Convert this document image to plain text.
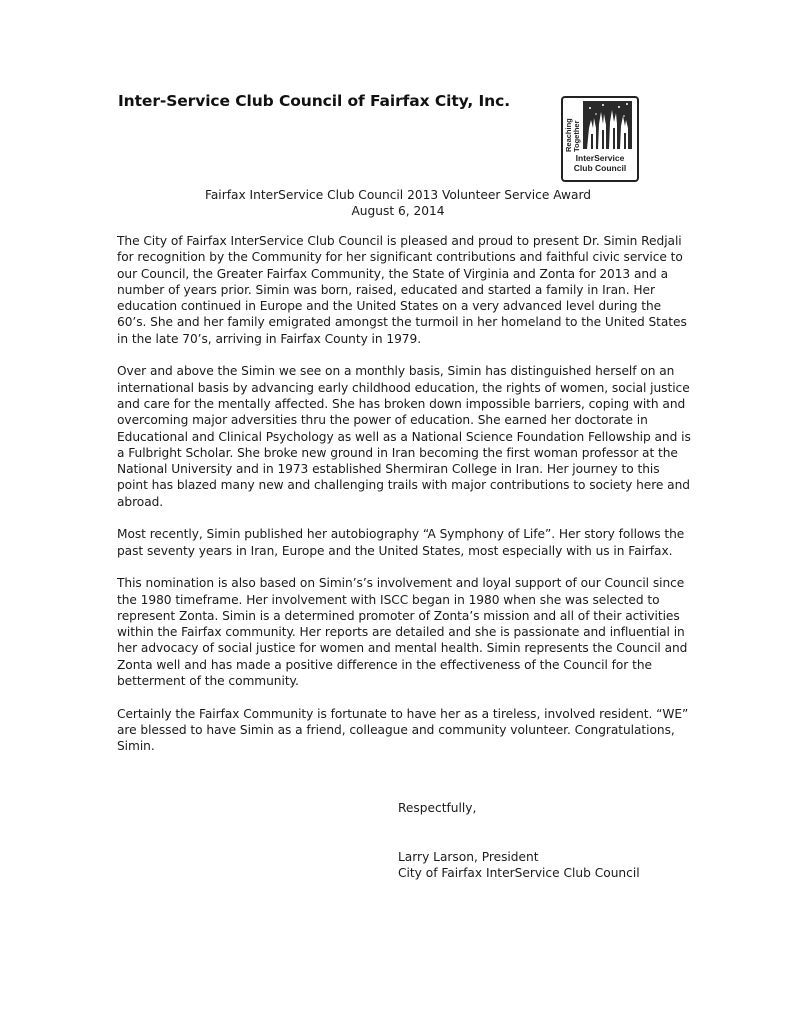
Inter-Service Club Council of Fairfax City, Inc.
Reaching Together
InterService
Club Council
Fairfax InterService Club Council 2013 Volunteer Service Award
August 6, 2014

The City of Fairfax InterService Club Council is pleased and proud to present Dr. Simin Redjali for recognition by the Community for her significant contributions and faithful civic service to our Council, the Greater Fairfax Community, the State of Virginia and Zonta for 2013 and a number of years prior. Simin was born, raised, educated and started a family in Iran. Her education continued in Europe and the United States on a very advanced level during the 60’s. She and her family emigrated amongst the turmoil in her homeland to the United States in the late 70’s, arriving in Fairfax County in 1979.

Over and above the Simin we see on a monthly basis, Simin has distinguished herself on an international basis by advancing early childhood education, the rights of women, social justice and care for the mentally affected. She has broken down impossible barriers, coping with and overcoming major adversities thru the power of education. She earned her doctorate in Educational and Clinical Psychology as well as a National Science Foundation Fellowship and is a Fulbright Scholar. She broke new ground in Iran becoming the first woman professor at the National University and in 1973 established Shermiran College in Iran. Her journey to this point has blazed many new and challenging trails with major contributions to society here and abroad.

Most recently, Simin published her autobiography “A Symphony of Life”. Her story follows the past seventy years in Iran, Europe and the United States, most especially with us in Fairfax.

This nomination is also based on Simin’s’s involvement and loyal support of our Council since the 1980 timeframe. Her involvement with ISCC began in 1980 when she was selected to represent Zonta. Simin is a determined promoter of Zonta’s mission and all of their activities within the Fairfax community. Her reports are detailed and she is passionate and influential in her advocacy of social justice for women and mental health. Simin represents the Council and Zonta well and has made a positive difference in the effectiveness of the Council for the betterment of the community.

Certainly the Fairfax Community is fortunate to have her as a tireless, involved resident. “WE” are blessed to have Simin as a friend, colleague and community volunteer. Congratulations, Simin.

Respectfully,
Larry Larson, President
City of Fairfax InterService Club Council
